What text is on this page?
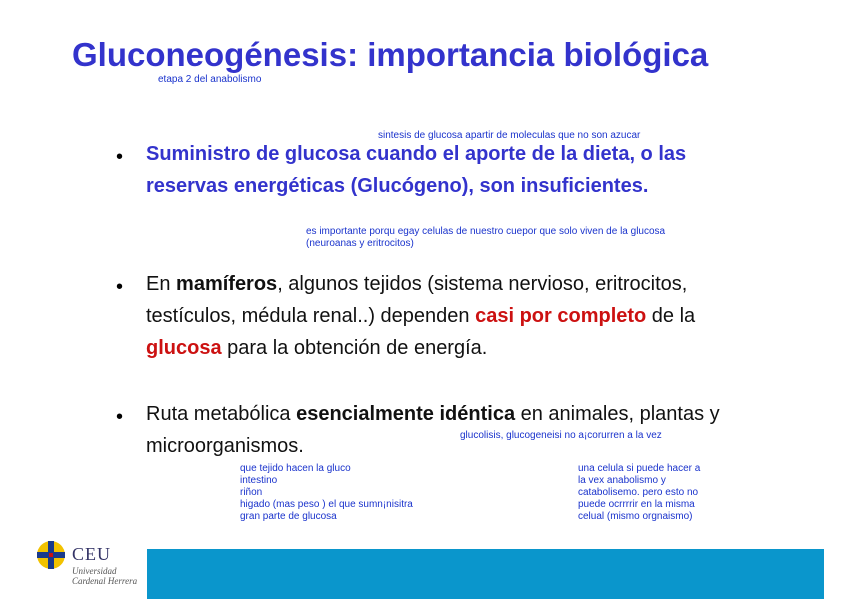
Gluconeogénesis: importancia biológica
etapa 2 del anabolismo
sintesis de glucosa apartir de moleculas que no son azucar
• Suministro de glucosa cuando el aporte de la dieta, o las reservas energéticas (Glucógeno), son insuficientes.
es importante porqu egay celulas de nuestro cuepor que solo viven de la glucosa
(neuroanas y eritrocitos)
• En mamíferos, algunos tejidos (sistema nervioso, eritrocitos, testículos, médula renal..) dependen casi por completo de la glucosa para la obtención de energía.
• Ruta metabólica esencialmente idéntica en animales, plantas y microorganismos.	glucolisis, glucogeneisi no a¡corurren a la vez
que tejido hacen la gluco
intestino
riñon
higado (mas peso ) el que sumn¡nisitra
gran parte de glucosa
una celula si puede hacer a
la vex anabolismo y
catabolisemo. pero esto no
puede ocrrrrir en la misma
celual (mismo orgnaismo)
CEU
Universidad
Cardenal Herrera
